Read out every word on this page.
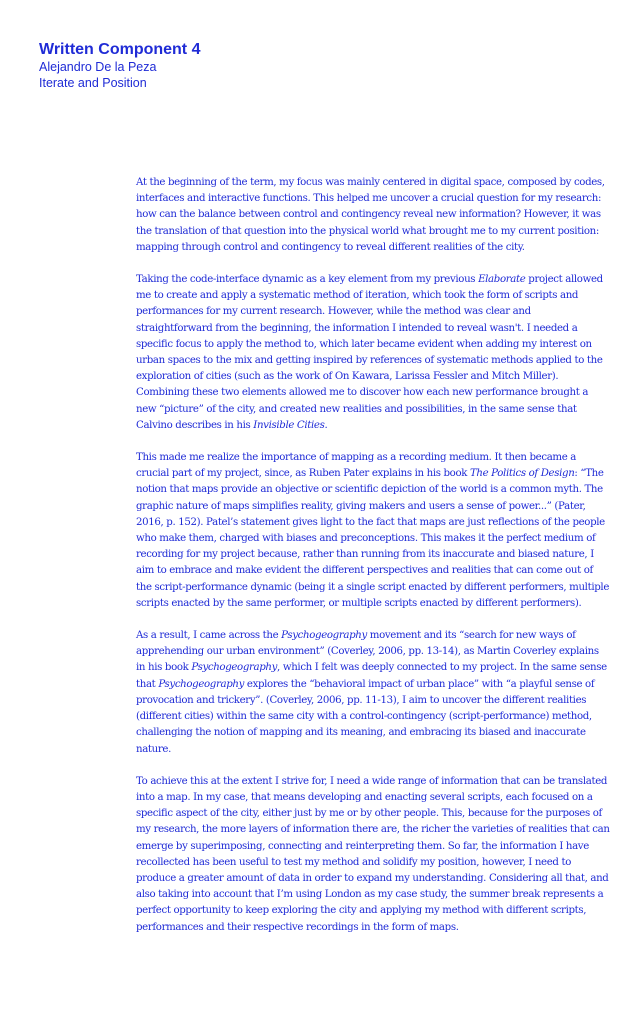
Written Component 4

Alejandro De la Peza

Iterate and Position

At the beginning of the term, my focus was mainly centered in digital space, composed by codes, interfaces and interactive functions. This helped me uncover a crucial question for my research: how can the balance between control and contingency reveal new information? However, it was the translation of that question into the physical world what brought me to my current position: mapping through control and contingency to reveal different realities of the city.

Taking the code-interface dynamic as a key element from my previous Elaborate project allowed me to create and apply a systematic method of iteration, which took the form of scripts and performances for my current research. However, while the method was clear and straightforward from the beginning, the information I intended to reveal wasn't. I needed a specific focus to apply the method to, which later became evident when adding my interest on urban spaces to the mix and getting inspired by references of systematic methods applied to the exploration of cities (such as the work of On Kawara, Larissa Fessler and Mitch Miller). Combining these two elements allowed me to discover how each new performance brought a new “picture” of the city, and created new realities and possibilities, in the same sense that Calvino describes in his Invisible Cities.

This made me realize the importance of mapping as a recording medium. It then became a crucial part of my project, since, as Ruben Pater explains in his book The Politics of Design: “The notion that maps provide an objective or scientific depiction of the world is a common myth. The graphic nature of maps simplifies reality, giving makers and users a sense of power...” (Pater, 2016, p. 152). Patel’s statement gives light to the fact that maps are just reflections of the people who make them, charged with biases and preconceptions. This makes it the perfect medium of recording for my project because, rather than running from its inaccurate and biased nature, I aim to embrace and make evident the different perspectives and realities that can come out of the script-performance dynamic (being it a single script enacted by different performers, multiple scripts enacted by the same performer, or multiple scripts enacted by different performers).

As a result, I came across the Psychogeography movement and its “search for new ways of apprehending our urban environment” (Coverley, 2006, pp. 13-14), as Martin Coverley explains in his book Psychogeography, which I felt was deeply connected to my project. In the same sense that Psychogeography explores the “behavioral impact of urban place” with “a playful sense of provocation and trickery”. (Coverley, 2006, pp. 11-13), I aim to uncover the different realities (different cities) within the same city with a control-contingency (script-performance) method, challenging the notion of mapping and its meaning, and embracing its biased and inaccurate nature.

To achieve this at the extent I strive for, I need a wide range of information that can be translated into a map. In my case, that means developing and enacting several scripts, each focused on a specific aspect of the city, either just by me or by other people. This, because for the purposes of my research, the more layers of information there are, the richer the varieties of realities that can emerge by superimposing, connecting and reinterpreting them. So far, the information I have recollected has been useful to test my method and solidify my position, however, I need to produce a greater amount of data in order to expand my understanding. Considering all that, and also taking into account that I’m using London as my case study, the summer break represents a perfect opportunity to keep exploring the city and applying my method with different scripts, performances and their respective recordings in the form of maps.
